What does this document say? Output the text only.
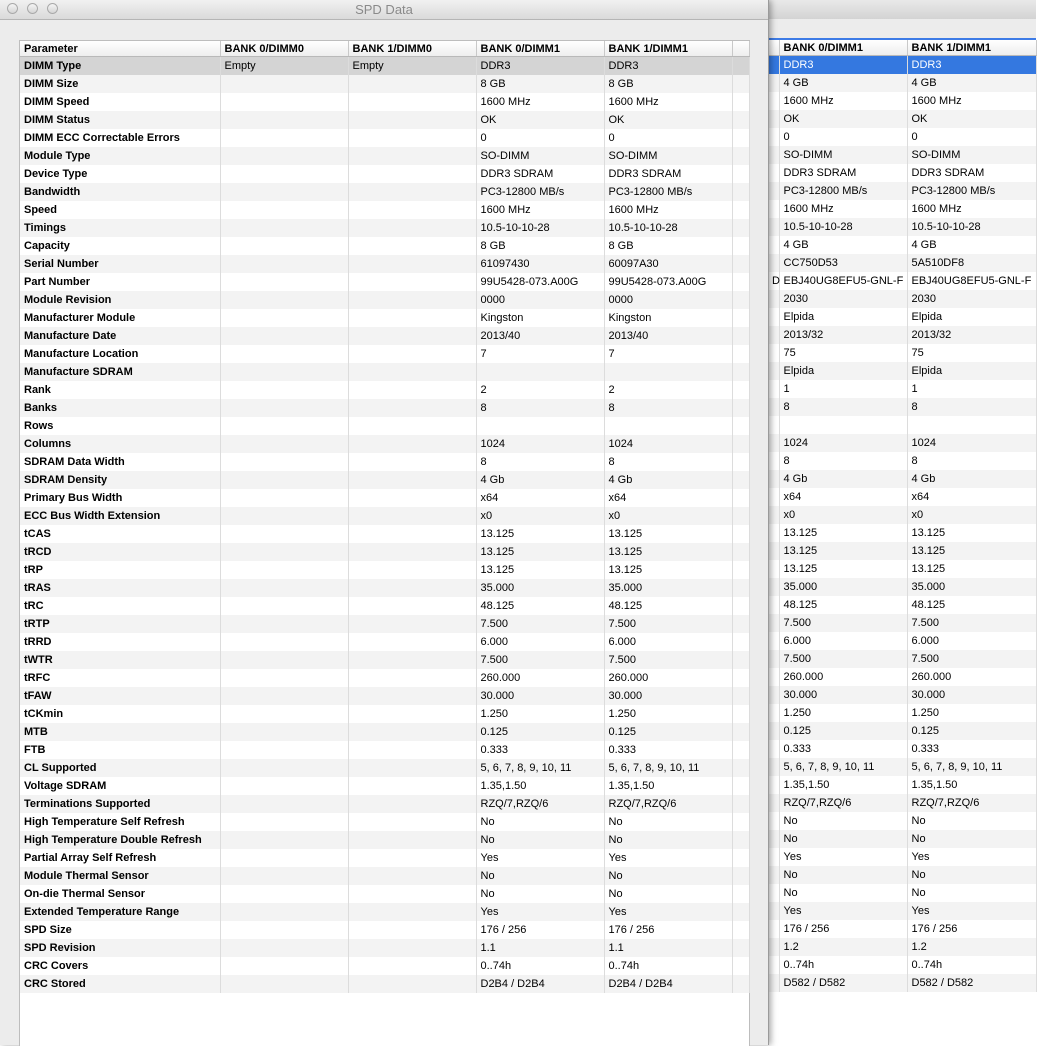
	BANK 0/DIMM1	BANK 1/DIMM1
	DDR3	DDR3
	4 GB	4 GB
	1600 MHz	1600 MHz
	OK	OK
	0	0
	SO-DIMM	SO-DIMM
	DDR3 SDRAM	DDR3 SDRAM
	PC3-12800 MB/s	PC3-12800 MB/s
	1600 MHz	1600 MHz
	10.5-10-10-28	10.5-10-10-28
	4 GB	4 GB
	CC750D53	5A510DF8
D	EBJ40UG8EFU5-GNL-F	EBJ40UG8EFU5-GNL-F
	2030	2030
	Elpida	Elpida
	2013/32	2013/32
	75	75
	Elpida	Elpida
	1	1
	8	8

	1024	1024
	8	8
	4 Gb	4 Gb
	x64	x64
	x0	x0
	13.125	13.125
	13.125	13.125
	13.125	13.125
	35.000	35.000
	48.125	48.125
	7.500	7.500
	6.000	6.000
	7.500	7.500
	260.000	260.000
	30.000	30.000
	1.250	1.250
	0.125	0.125
	0.333	0.333
	5, 6, 7, 8, 9, 10, 11	5, 6, 7, 8, 9, 10, 11
	1.35,1.50	1.35,1.50
	RZQ/7,RZQ/6	RZQ/7,RZQ/6
	No	No
	No	No
	Yes	Yes
	No	No
	No	No
	Yes	Yes
	176 / 256	176 / 256
	1.2	1.2
	0..74h	0..74h
	D582 / D582	D582 / D582
SPD Data
Parameter	BANK 0/DIMM0	BANK 1/DIMM0	BANK 0/DIMM1	BANK 1/DIMM1	
DIMM Type	Empty	Empty	DDR3	DDR3	
DIMM Size			8 GB	8 GB	
DIMM Speed			1600 MHz	1600 MHz	
DIMM Status			OK	OK	
DIMM ECC Correctable Errors			0	0	
Module Type			SO-DIMM	SO-DIMM	
Device Type			DDR3 SDRAM	DDR3 SDRAM	
Bandwidth			PC3-12800 MB/s	PC3-12800 MB/s	
Speed			1600 MHz	1600 MHz	
Timings			10.5-10-10-28	10.5-10-10-28	
Capacity			8 GB	8 GB	
Serial Number			61097430	60097A30	
Part Number			99U5428-073.A00G	99U5428-073.A00G	
Module Revision			0000	0000	
Manufacturer Module			Kingston	Kingston	
Manufacture Date			2013/40	2013/40	
Manufacture Location			7	7	
Manufacture SDRAM					
Rank			2	2	
Banks			8	8	
Rows					
Columns			1024	1024	
SDRAM Data Width			8	8	
SDRAM Density			4 Gb	4 Gb	
Primary Bus Width			x64	x64	
ECC Bus Width Extension			x0	x0	
tCAS			13.125	13.125	
tRCD			13.125	13.125	
tRP			13.125	13.125	
tRAS			35.000	35.000	
tRC			48.125	48.125	
tRTP			7.500	7.500	
tRRD			6.000	6.000	
tWTR			7.500	7.500	
tRFC			260.000	260.000	
tFAW			30.000	30.000	
tCKmin			1.250	1.250	
MTB			0.125	0.125	
FTB			0.333	0.333	
CL Supported			5, 6, 7, 8, 9, 10, 11	5, 6, 7, 8, 9, 10, 11	
Voltage SDRAM			1.35,1.50	1.35,1.50	
Terminations Supported			RZQ/7,RZQ/6	RZQ/7,RZQ/6	
High Temperature Self Refresh			No	No	
High Temperature Double Refresh			No	No	
Partial Array Self Refresh			Yes	Yes	
Module Thermal Sensor			No	No	
On-die Thermal Sensor			No	No	
Extended Temperature Range			Yes	Yes	
SPD Size			176 / 256	176 / 256	
SPD Revision			1.1	1.1	
CRC Covers			0..74h	0..74h	
CRC Stored			D2B4 / D2B4	D2B4 / D2B4	
